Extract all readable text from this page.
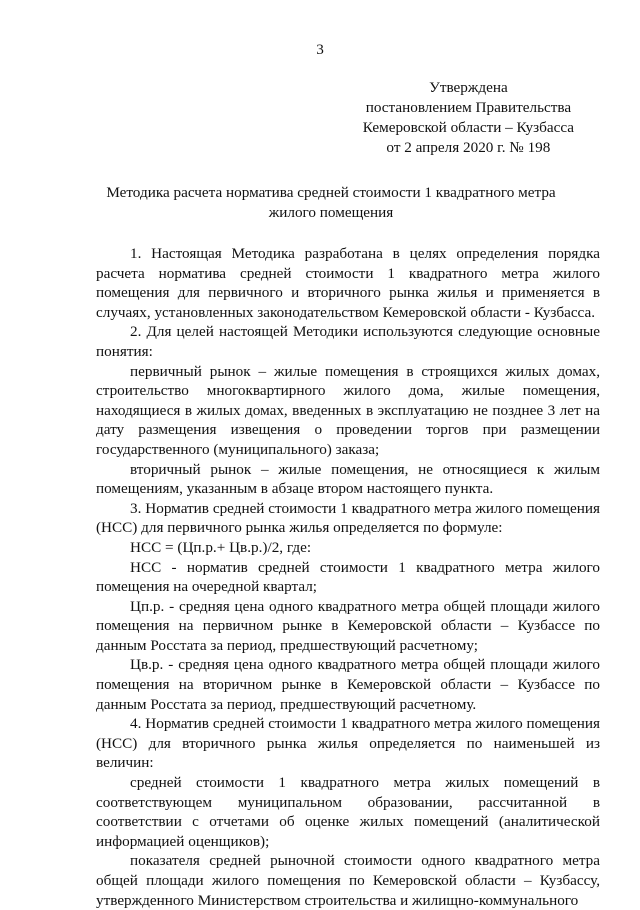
3
Утверждена
постановлением Правительства
Кемеровской области – Кузбасса
от 2 апреля 2020 г. № 198
Методика расчета норматива средней стоимости 1 квадратного метра жилого помещения

1. Настоящая Методика разработана в целях определения порядка расчета норматива средней стоимости 1 квадратного метра жилого помещения для первичного и вторичного рынка жилья и применяется в случаях, установленных законодательством Кемеровской области - Кузбасса.

2. Для целей настоящей Методики используются следующие основные понятия:

первичный рынок – жилые помещения в строящихся жилых домах, строительство многоквартирного жилого дома, жилые помещения, находящиеся в жилых домах, введенных в эксплуатацию не позднее 3 лет на дату размещения извещения о проведении торгов при размещении государственного (муниципального) заказа;

вторичный рынок – жилые помещения, не относящиеся к жилым помещениям, указанным в абзаце втором настоящего пункта.

3. Норматив средней стоимости 1 квадратного метра жилого помещения (НСС) для первичного рынка жилья определяется по формуле:

НСС = (Цп.р.+ Цв.р.)/2, где:

НСС - норматив средней стоимости 1 квадратного метра жилого помещения на очередной квартал;

Цп.р. - средняя цена одного квадратного метра общей площади жилого помещения на первичном рынке в Кемеровской области – Кузбассе по данным Росстата за период, предшествующий расчетному;

Цв.р. - средняя цена одного квадратного метра общей площади жилого помещения на вторичном рынке в Кемеровской области – Кузбассе по данным Росстата за период, предшествующий расчетному.

4. Норматив средней стоимости 1 квадратного метра жилого помещения (НСС) для вторичного рынка жилья определяется по наименьшей из величин:

средней стоимости 1 квадратного метра жилых помещений в соответствующем муниципальном образовании, рассчитанной в соответствии с отчетами об оценке жилых помещений (аналитической информацией оценщиков);

показателя средней рыночной стоимости одного квадратного метра общей площади жилого помещения по Кемеровской области – Кузбассу, утвержденного Министерством строительства и жилищно-коммунального
